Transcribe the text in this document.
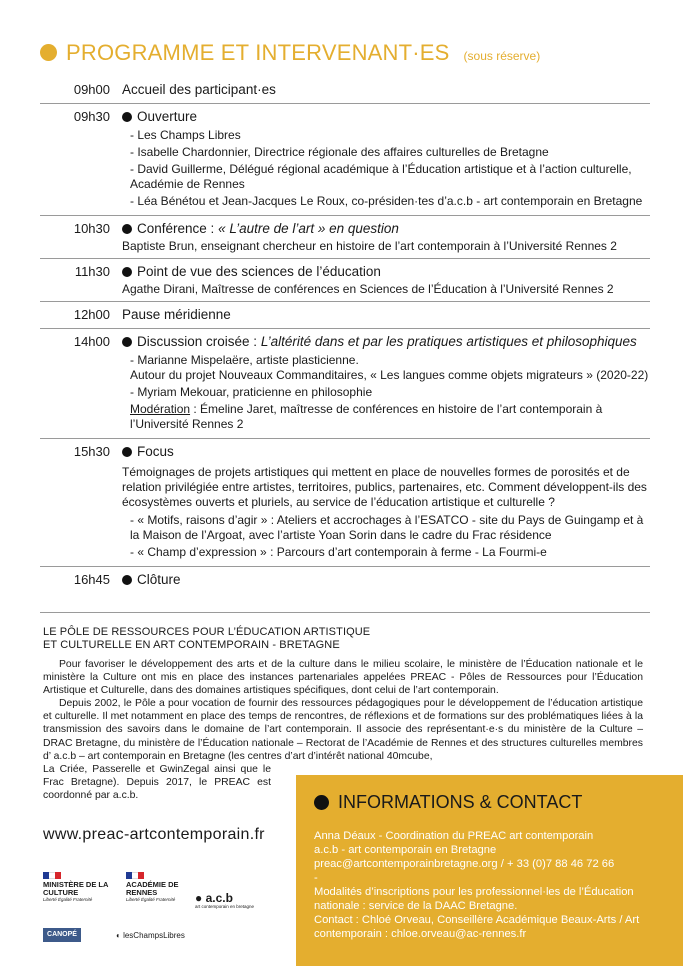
PROGRAMME ET INTERVENANT·ES (sous réserve)
09h00 Accueil des participant·es
09h30 Ouverture
- Les Champs Libres
- Isabelle Chardonnier, Directrice régionale des affaires culturelles de Bretagne
- David Guillerme, Délégué régional académique à l’Éducation artistique et à l’action culturelle, Académie de Rennes
- Léa Bénétou et Jean-Jacques Le Roux, co-présiden·tes d’a.c.b - art contemporain en Bretagne
10h30 Conférence :
« L’autre de l’art » en question
Baptiste Brun, enseignant chercheur en histoire de l’art contemporain à l’Université Rennes 2
11h30 Point de vue des sciences de l’éducation
Agathe Dirani, Maîtresse de conférences en Sciences de l’Éducation à l’Université Rennes 2
12h00 Pause méridienne
14h00 Discussion croisée :
L’altérité dans et par les pratiques artistiques et philosophiques
- Marianne Mispelaëre, artiste plasticienne.
Autour du projet Nouveaux Commanditaires, « Les langues comme objets migrateurs » (2020-22)
- Myriam Mekouar, praticienne en philosophie
Modération : Émeline Jaret, maîtresse de conférences en histoire de l’art contemporain à l’Université Rennes 2
15h30 Focus
Témoignages de projets artistiques qui mettent en place de nouvelles formes de porosités et de relation privilégiée entre artistes, territoires, publics, partenaires, etc. Comment développent-ils des écosystèmes ouverts et pluriels, au service de l’éducation artistique et culturelle ?
- « Motifs, raisons d’agir » : Ateliers et accrochages à l’ESATCO - site du Pays de Guingamp et à la Maison de l’Argoat, avec l’artiste Yoan Sorin dans le cadre du Frac résidence
- « Champ d’expression » : Parcours d’art contemporain à ferme - La Fourmi-e
16h45 Clôture
LE PÔLE DE RESSOURCES POUR L’ÉDUCATION ARTISTIQUE
ET CULTURELLE EN ART CONTEMPORAIN - BRETAGNE

Pour favoriser le développement des arts et de la culture dans le milieu scolaire, le ministère de l’Éducation nationale et le ministère la Culture ont mis en place des instances partenariales appelées PREAC - Pôles de Ressources pour l’Éducation Artistique et Culturelle, dans des domaines artistiques spécifiques, dont celui de l’art contemporain.

Depuis 2002, le Pôle a pour vocation de fournir des ressources pédagogiques pour le développement de l’éducation artistique et culturelle. Il met notamment en place des temps de rencontres, de réflexions et de formations sur des problématiques liées à la transmission des savoirs dans le domaine de l’art contemporain. Il associe des représentant·e·s du ministère de la Culture – DRAC Bretagne, du ministère de l’Éducation nationale – Rectorat de l’Académie de Rennes et des structures culturelles membres d’ a.c.b – art contemporain en Bretagne (les centres d’art d’intérêt national 40mcube,

La Criée, Passerelle et GwinZegal ainsi que le Frac Bretagne). Depuis 2017, le PREAC est coordonné par a.c.b.

www.preac-artcontemporain.fr
MINISTÈRE DE LA CULTURE
Liberté Égalité Fraternité
ACADÉMIE DE RENNES
Liberté Égalité Fraternité	● a.c.b
art contemporain en bretagne
CANOPÉ	◐ lesChampsLibres
INFORMATIONS & CONTACT
Anna Déaux - Coordination du PREAC art contemporain
a.c.b - art contemporain en Bretagne
preac@artcontemporainbretagne.org / + 33 (0)7 88 46 72 66
-
Modalités d’inscriptions pour les professionnel·les de l’Éducation nationale : service de la DAAC Bretagne.
Contact : Chloé Orveau, Conseillère Académique Beaux-Arts / Art contemporain : chloe.orveau@ac-rennes.fr
